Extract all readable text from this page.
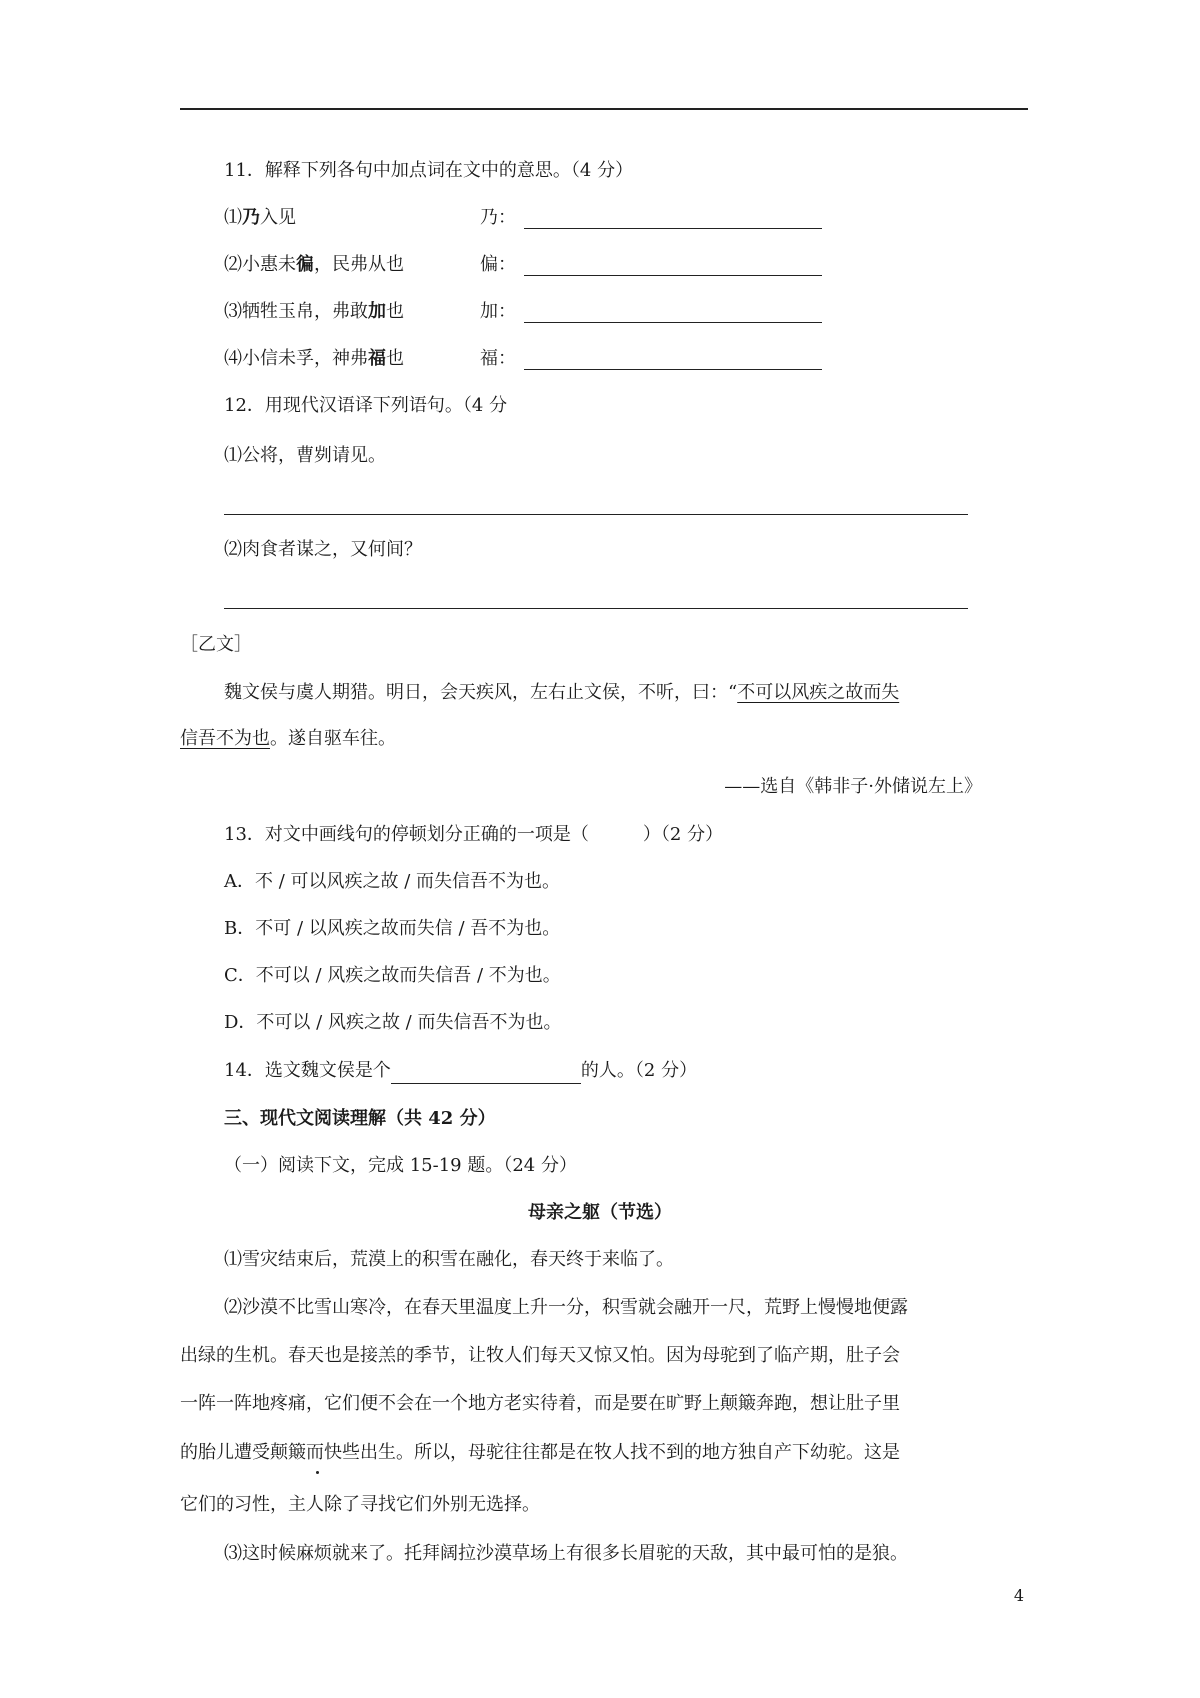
11．解释下列各句中加点词在文中的意思。（4 分）
⑴乃入见	乃：
⑵小惠未徧，民弗从也	偏：
⑶牺牲玉帛，弗敢加也	加：
⑷小信未孚，神弗福也	福：
12．用现代汉语译下列语句。（4 分
⑴公将，曹刿请见。
⑵肉食者谋之，又何间？
［乙文］
魏文侯与虞人期猎。明日，会天疾风，左右止文侯，不听，曰：“不可以风疾之故而失
信吾不为也。遂自驱车往。
——选自《韩非子·外储说左上》
13．对文中画线句的停顿划分正确的一项是（　　　）（2 分）
A．不 / 可以风疾之故 / 而失信吾不为也。
B．不可 / 以风疾之故而失信 / 吾不为也。
C．不可以 / 风疾之故而失信吾 / 不为也。
D．不可以 / 风疾之故 / 而失信吾不为也。
14．选文魏文侯是个	的人。（2 分）
三、现代文阅读理解（共 42 分）
（一）阅读下文，完成 15-19 题。（24 分）
母亲之躯（节选）
⑴雪灾结束后，荒漠上的积雪在融化，春天终于来临了。
⑵沙漠不比雪山寒冷，在春天里温度上升一分，积雪就会融开一尺，荒野上慢慢地便露
出绿的生机。春天也是接羔的季节，让牧人们每天又惊又怕。因为母驼到了临产期，肚子会
一阵一阵地疼痛，它们便不会在一个地方老实待着，而是要在旷野上颠簸奔跑，想让肚子里
的胎儿遭受颠簸而快些出生。所以，母驼往往都是在牧人找不到的地方独自产下幼驼。这是
它们的习性，主人除了寻找它们外别无选择。
⑶这时候麻烦就来了。托拜阔拉沙漠草场上有很多长眉驼的天敌，其中最可怕的是狼。
4
